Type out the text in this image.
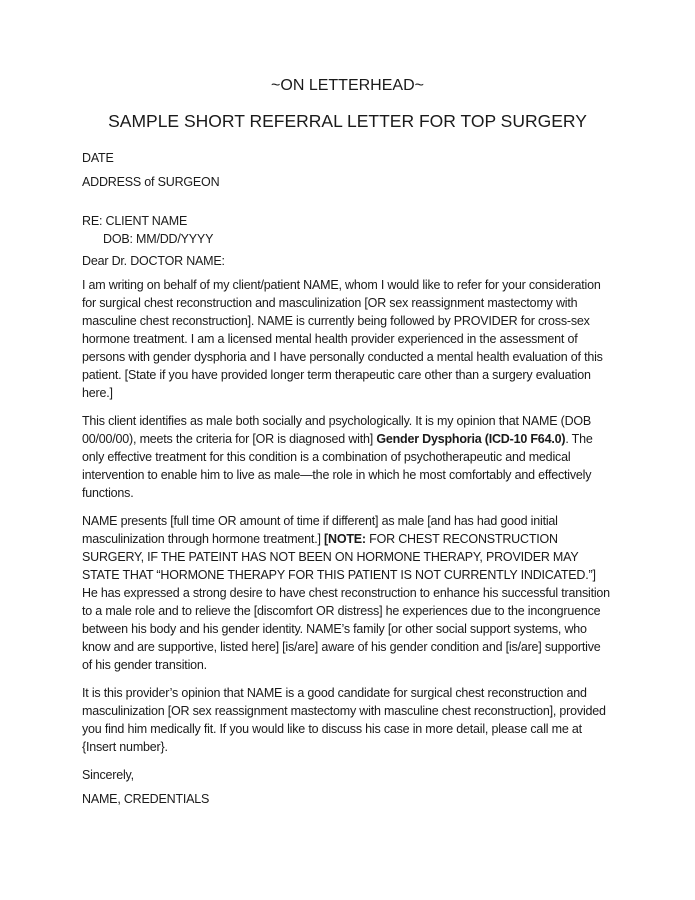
~ON LETTERHEAD~
SAMPLE SHORT REFERRAL LETTER FOR TOP SURGERY

DATE

ADDRESS of SURGEON

RE: CLIENT NAME

DOB: MM/DD/YYYY

Dear Dr. DOCTOR NAME:

I am writing on behalf of my client/patient NAME, whom I would like to refer for your consideration for surgical chest reconstruction and masculinization [OR sex reassignment mastectomy with masculine chest reconstruction]. NAME is currently being followed by PROVIDER for cross-sex hormone treatment. I am a licensed mental health provider experienced in the assessment of persons with gender dysphoria and I have personally conducted a mental health evaluation of this patient. [State if you have provided longer term therapeutic care other than a surgery evaluation here.]

This client identifies as male both socially and psychologically. It is my opinion that NAME (DOB 00/00/00), meets the criteria for [OR is diagnosed with] Gender Dysphoria (ICD-10 F64.0). The only effective treatment for this condition is a combination of psychotherapeutic and medical intervention to enable him to live as male—the role in which he most comfortably and effectively functions.

NAME presents [full time OR amount of time if different] as male [and has had good initial masculinization through hormone treatment.] [NOTE: FOR CHEST RECONSTRUCTION SURGERY, IF THE PATEINT HAS NOT BEEN ON HORMONE THERAPY, PROVIDER MAY STATE THAT “HORMONE THERAPY FOR THIS PATIENT IS NOT CURRENTLY INDICATED.”] He has expressed a strong desire to have chest reconstruction to enhance his successful transition to a male role and to relieve the [discomfort OR distress] he experiences due to the incongruence between his body and his gender identity. NAME’s family [or other social support systems, who know and are supportive, listed here] [is/are] aware of his gender condition and [is/are] supportive of his gender transition.

It is this provider’s opinion that NAME is a good candidate for surgical chest reconstruction and masculinization [OR sex reassignment mastectomy with masculine chest reconstruction], provided you find him medically fit. If you would like to discuss his case in more detail, please call me at {Insert number}.

Sincerely,

NAME, CREDENTIALS
